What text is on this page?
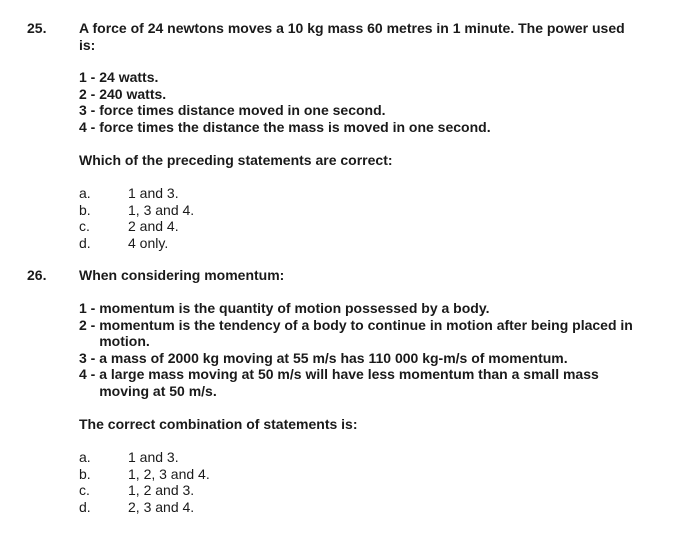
25. A force of 24 newtons moves a 10 kg mass 60 metres in 1 minute. The power used is:
1 - 24 watts.
2 - 240 watts.
3 - force times distance moved in one second.
4 - force times the distance the mass is moved in one second.
Which of the preceding statements are correct:
a.	1 and 3.
b.	1, 3 and 4.
c.	2 and 4.
d.	4 only.
26. When considering momentum:
1 - momentum is the quantity of motion possessed by a body.
2 - momentum is the tendency of a body to continue in motion after being placed in motion.
3 - a mass of 2000 kg moving at 55 m/s has 110 000 kg-m/s of momentum.
4 - a large mass moving at 50 m/s will have less momentum than a small mass moving at 50 m/s.
The correct combination of statements is:
a.	1 and 3.
b.	1, 2, 3 and 4.
c.	1, 2 and 3.
d.	2, 3 and 4.
